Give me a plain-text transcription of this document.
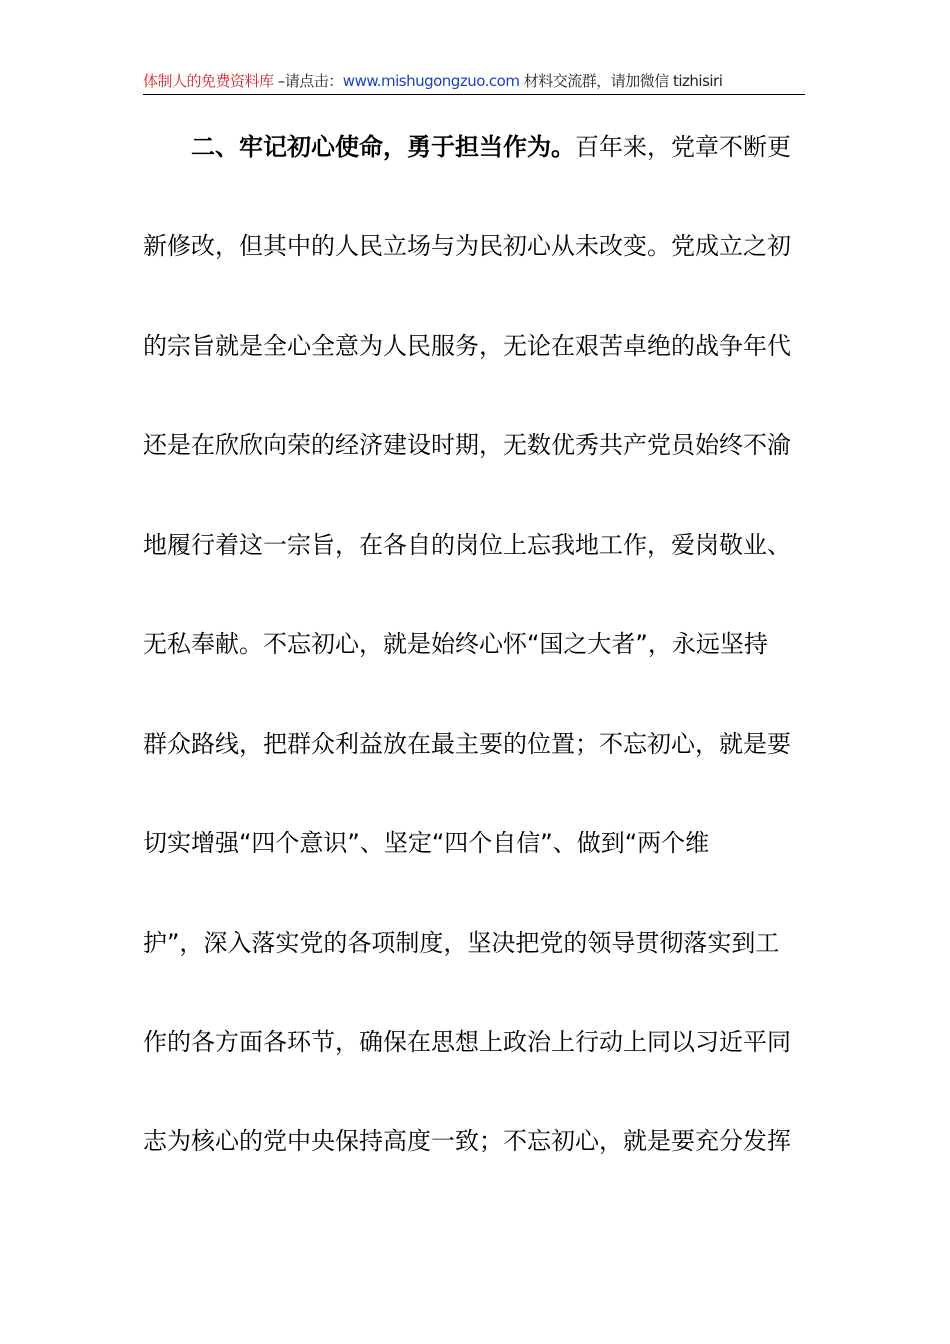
体制人的免费资料库 –请点击：www.mishugongzuo.com 材料交流群，请加微信 tizhisiri
二、牢记初心使命，勇于担当作为。百年来，党章不断更
新修改，但其中的人民立场与为民初心从未改变。党成立之初
的宗旨就是全心全意为人民服务，无论在艰苦卓绝的战争年代
还是在欣欣向荣的经济建设时期，无数优秀共产党员始终不渝
地履行着这一宗旨，在各自的岗位上忘我地工作，爱岗敬业、
无私奉献。不忘初心，就是始终心怀“国之大者”，永远坚持
群众路线，把群众利益放在最主要的位置；不忘初心，就是要
切实增强“四个意识”、坚定“四个自信”、做到“两个维
护”，深入落实党的各项制度，坚决把党的领导贯彻落实到工
作的各方面各环节，确保在思想上政治上行动上同以习近平同
志为核心的党中央保持高度一致；不忘初心，就是要充分发挥
